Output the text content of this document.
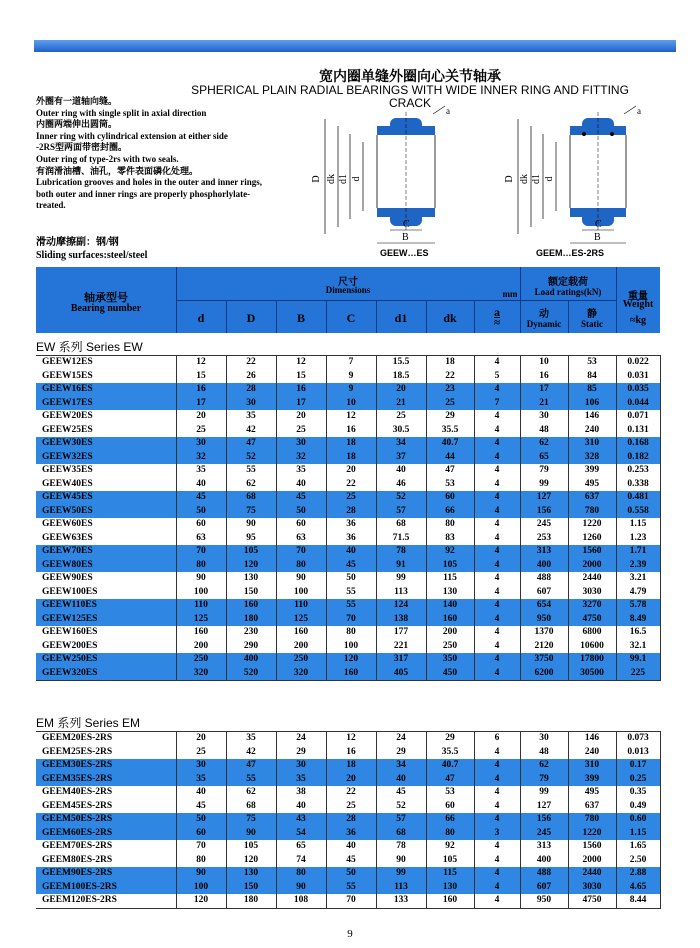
宽内圈单缝外圈向心关节轴承
SPHERICAL PLAIN RADIAL BEARINGS WITH WIDE INNER RING AND FITTING CRACK
外圈有一道轴向缝。
Outer ring with single split in axial direction
内圈两端伸出圆筒。
Inner ring with cylindrical extension at either side
-2RS型两面带密封圈。
Outer ring of type-2rs with two seals.
有润滑油槽、油孔，零件表面磷化处理。
Lubrication grooves and holes in the outer and inner rings,
both outer and inner rings are properly phosphorlylate-
treated.
滑动摩擦副：钢/钢
Sliding surfaces:steel/steel
D dk d1 d
a
C
B
D dk d1 d
a
C
B
GEEW…ES	GEEM…ES-2RS
轴承型号
Bearing number
尺寸
Dimensions	mm
d	D	B	C	d1	dk	a
≈
额定载荷
Load ratings(kN)
动	静
Dynamic	Static
重量
Weight
≈kg
EW 系列 Series EW
GEEW12ES	12	22	12	7	15.5	18	4	10	53	0.022
GEEW15ES	15	26	15	9	18.5	22	5	16	84	0.031
GEEW16ES	16	28	16	9	20	23	4	17	85	0.035
GEEW17ES	17	30	17	10	21	25	7	21	106	0.044
GEEW20ES	20	35	20	12	25	29	4	30	146	0.071
GEEW25ES	25	42	25	16	30.5	35.5	4	48	240	0.131
GEEW30ES	30	47	30	18	34	40.7	4	62	310	0.168
GEEW32ES	32	52	32	18	37	44	4	65	328	0.182
GEEW35ES	35	55	35	20	40	47	4	79	399	0.253
GEEW40ES	40	62	40	22	46	53	4	99	495	0.338
GEEW45ES	45	68	45	25	52	60	4	127	637	0.481
GEEW50ES	50	75	50	28	57	66	4	156	780	0.558
GEEW60ES	60	90	60	36	68	80	4	245	1220	1.15
GEEW63ES	63	95	63	36	71.5	83	4	253	1260	1.23
GEEW70ES	70	105	70	40	78	92	4	313	1560	1.71
GEEW80ES	80	120	80	45	91	105	4	400	2000	2.39
GEEW90ES	90	130	90	50	99	115	4	488	2440	3.21
GEEW100ES	100	150	100	55	113	130	4	607	3030	4.79
GEEW110ES	110	160	110	55	124	140	4	654	3270	5.78
GEEW125ES	125	180	125	70	138	160	4	950	4750	8.49
GEEW160ES	160	230	160	80	177	200	4	1370	6800	16.5
GEEW200ES	200	290	200	100	221	250	4	2120	10600	32.1
GEEW250ES	250	400	250	120	317	350	4	3750	17800	99.1
GEEW320ES	320	520	320	160	405	450	4	6200	30500	225
EM 系列 Series EM
GEEM20ES-2RS	20	35	24	12	24	29	6	30	146	0.073
GEEM25ES-2RS	25	42	29	16	29	35.5	4	48	240	0.013
GEEM30ES-2RS	30	47	30	18	34	40.7	4	62	310	0.17
GEEM35ES-2RS	35	55	35	20	40	47	4	79	399	0.25
GEEM40ES-2RS	40	62	38	22	45	53	4	99	495	0.35
GEEM45ES-2RS	45	68	40	25	52	60	4	127	637	0.49
GEEM50ES-2RS	50	75	43	28	57	66	4	156	780	0.60
GEEM60ES-2RS	60	90	54	36	68	80	3	245	1220	1.15
GEEM70ES-2RS	70	105	65	40	78	92	4	313	1560	1.65
GEEM80ES-2RS	80	120	74	45	90	105	4	400	2000	2.50
GEEM90ES-2RS	90	130	80	50	99	115	4	488	2440	2.88
GEEM100ES-2RS	100	150	90	55	113	130	4	607	3030	4.65
GEEM120ES-2RS	120	180	108	70	133	160	4	950	4750	8.44
9
